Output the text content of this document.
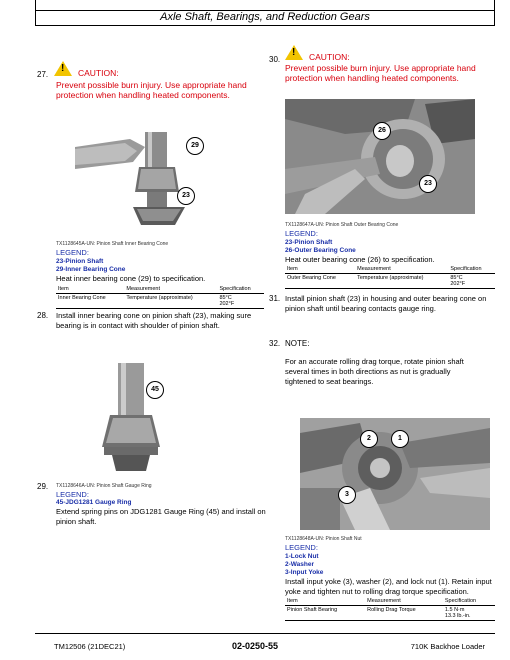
Axle Shaft, Bearings, and Reduction Gears
27.
! CAUTION:
Prevent possible burn injury. Use appropriate hand
protection when handling heated components.
29
23
TX1128645A-UN: Pinion Shaft Inner Bearing Cone
LEGEND:
23-Pinion Shaft
29-Inner Bearing Cone
Heat inner bearing cone (29) to specification.
Item	Measurement	Specification
Inner Bearing Cone	Temperature (approximate)	85°C
202°F
28. Install inner bearing cone on pinion shaft (23), making sure
bearing is in contact with shoulder of pinion shaft.
45
29. TX1128646A-UN: Pinion Shaft Gauge Ring
LEGEND:
45-JDG1281 Gauge Ring
Extend spring pins on JDG1281 Gauge Ring (45) and install on
pinion shaft.
30.
! CAUTION:
Prevent possible burn injury. Use appropriate hand
protection when handling heated components.
26
23
TX1128647A-UN: Pinion Shaft Outer Bearing Cone
LEGEND:
23-Pinion Shaft
26-Outer Bearing Cone
Heat outer bearing cone (26) to specification.
Item	Measurement	Specification
Outer Bearing Cone	Temperature (approximate)	85°C
202°F
31. Install pinion shaft (23) in housing and outer bearing cone on
pinion shaft until bearing contacts gauge ring.
32. NOTE:
For an accurate rolling drag torque, rotate pinion shaft
several times in both directions as nut is gradually
tightened to seat bearings.
2	1
3
TX1128648A-UN: Pinion Shaft Nut
LEGEND:
1-Lock Nut
2-Washer
3-Input Yoke
Install input yoke (3), washer (2), and lock nut (1). Retain input
yoke and tighten nut to rolling drag torque specification.
Item	Measurement	Specification
Pinion Shaft Bearing	Rolling Drag Torque	1.5 N·m
13.3 lb.-in.
TM12506 (21DEC21)	02-0250-55	710K Backhoe Loader
